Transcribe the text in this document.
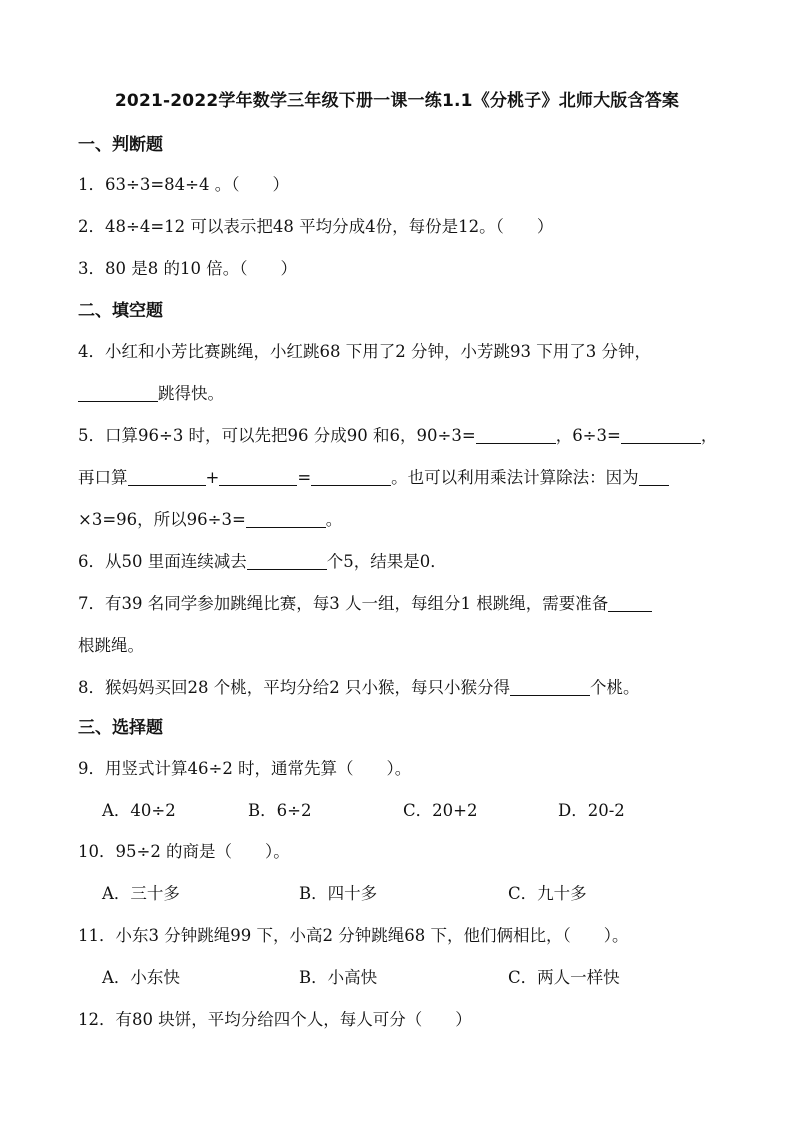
2021-2022学年数学三年级下册一课一练1.1《分桃子》北师大版含答案
一、判断题
1．63÷3=84÷4 。（　　）
2．48÷4=12 可以表示把48 平均分成4份，每份是12。（　　）
3．80 是8 的10 倍。（　　）
二、填空题
4．小红和小芳比赛跳绳，小红跳68 下用了2 分钟，小芳跳93 下用了3 分钟，
跳得快。
5．口算96÷3 时，可以先把96 分成90 和6，90÷3=	，6÷3=	，
再口算	+	=	。也可以利用乘法计算除法：因为
×3=96，所以96÷3=	。
6．从50 里面连续减去	个5，结果是0．
7．有39 名同学参加跳绳比赛，每3 人一组，每组分1 根跳绳，需要准备
根跳绳。
8．猴妈妈买回28 个桃，平均分给2 只小猴，每只小猴分得	个桃。
三、选择题
9．用竖式计算46÷2 时，通常先算（　　）。
A．40÷2	B．6÷2	C．20+2	D．20-2
10．95÷2 的商是（　　）。
A．三十多	B．四十多	C．九十多
11．小东3 分钟跳绳99 下，小高2 分钟跳绳68 下，他们俩相比，（　　）。
A．小东快	B．小高快	C．两人一样快
12．有80 块饼，平均分给四个人，每人可分（　　）
